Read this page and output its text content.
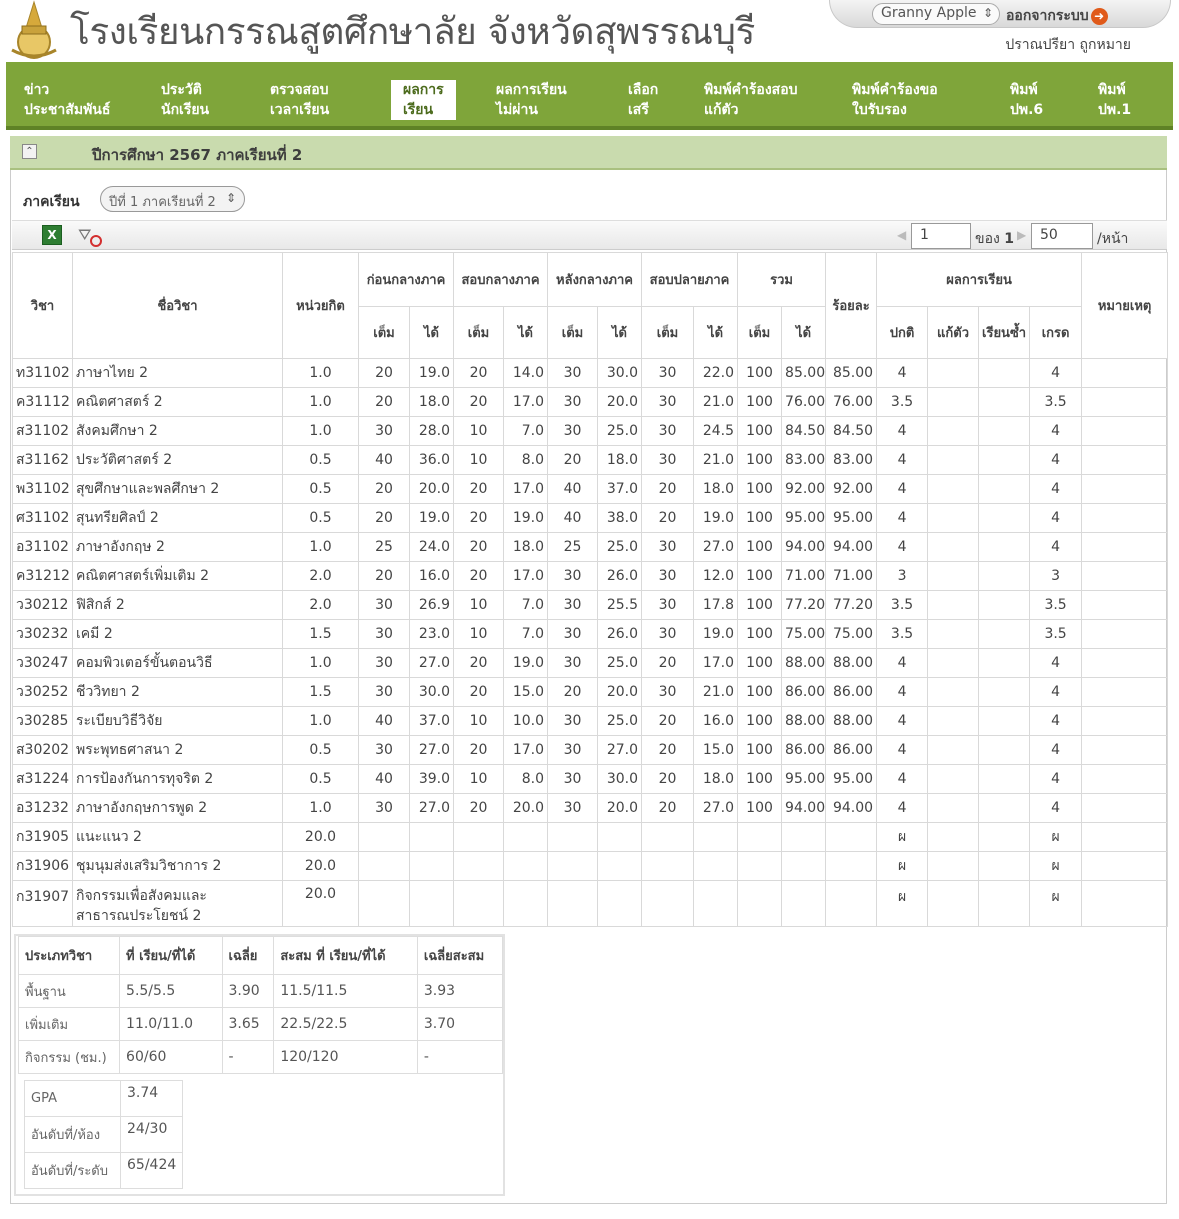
โรงเรียนกรรณสูตศึกษาลัย จังหวัดสุพรรณบุรี	Granny Apple ⇕ ออกจากระบบ ➜
ปราณปรียา ถูกหมาย
ข่าว
ประชาสัมพันธ์
ประวัติ
นักเรียน
ตรวจสอบ
เวลาเรียน
ผลการ
เรียน
ผลการเรียน
ไม่ผ่าน
เลือก
เสรี
พิมพ์คำร้องสอบ
แก้ตัว
พิมพ์คำร้องขอ
ใบรับรอง
พิมพ์
ปพ.6
พิมพ์
ปพ.1
⌃	ปีการศึกษา 2567 ภาคเรียนที่ 2
ภาคเรียน	ปีที่ 1 ภาคเรียนที่ 2 ⇕
X	⛛	◀ 1	ของ 1 ▶ 50	/หน้า
วิชา	ชื่อวิชา	หน่วยกิต	ก่อนกลางภาค		สอบกลางภาค		หลังกลางภาค		สอบปลายภาค		รวม		ร้อยละ	ผลการเรียน				หมายเหตุ
			เต็ม	ได้	เต็ม	ได้	เต็ม	ได้	เต็ม	ได้	เต็ม	ได้		ปกติ	แก้ตัว	เรียนซ้ำ	เกรด	
ท31102	ภาษาไทย 2	1.0	20	19.0	20	14.0	30	30.0	30	22.0	100	85.00	85.00	4			4	
ค31112	คณิตศาสตร์ 2	1.0	20	18.0	20	17.0	30	20.0	30	21.0	100	76.00	76.00	3.5			3.5	
ส31102	สังคมศึกษา 2	1.0	30	28.0	10	7.0	30	25.0	30	24.5	100	84.50	84.50	4			4	
ส31162	ประวัติศาสตร์ 2	0.5	40	36.0	10	8.0	20	18.0	30	21.0	100	83.00	83.00	4			4	
พ31102	สุขศึกษาและพลศึกษา 2	0.5	20	20.0	20	17.0	40	37.0	20	18.0	100	92.00	92.00	4			4	
ศ31102	สุนทรียศิลป์ 2	0.5	20	19.0	20	19.0	40	38.0	20	19.0	100	95.00	95.00	4			4	
อ31102	ภาษาอังกฤษ 2	1.0	25	24.0	20	18.0	25	25.0	30	27.0	100	94.00	94.00	4			4	
ค31212	คณิตศาสตร์เพิ่มเติม 2	2.0	20	16.0	20	17.0	30	26.0	30	12.0	100	71.00	71.00	3			3	
ว30212	ฟิสิกส์ 2	2.0	30	26.9	10	7.0	30	25.5	30	17.8	100	77.20	77.20	3.5			3.5	
ว30232	เคมี 2	1.5	30	23.0	10	7.0	30	26.0	30	19.0	100	75.00	75.00	3.5			3.5	
ว30247	คอมพิวเตอร์ขั้นตอนวิธี	1.0	30	27.0	20	19.0	30	25.0	20	17.0	100	88.00	88.00	4			4	
ว30252	ชีววิทยา 2	1.5	30	30.0	20	15.0	20	20.0	30	21.0	100	86.00	86.00	4			4	
ว30285	ระเบียบวิธีวิจัย	1.0	40	37.0	10	10.0	30	25.0	20	16.0	100	88.00	88.00	4			4	
ส30202	พระพุทธศาสนา 2	0.5	30	27.0	20	17.0	30	27.0	20	15.0	100	86.00	86.00	4			4	
ส31224	การป้องกันการทุจริต 2	0.5	40	39.0	10	8.0	30	30.0	20	18.0	100	95.00	95.00	4			4	
อ31232	ภาษาอังกฤษการพูด 2	1.0	30	27.0	20	20.0	30	20.0	20	27.0	100	94.00	94.00	4			4	
ก31905	แนะแนว 2	20.0												ผ			ผ	
ก31906	ชุมนุมส่งเสริมวิชาการ 2	20.0												ผ			ผ	
ก31907	กิจกรรมเพื่อสังคมและสาธารณประโยชน์ 2	20.0												ผ			ผ	
ประเภทวิชา	ที่ เรียน/ที่ได้	เฉลี่ย	สะสม ที่ เรียน/ที่ได้	เฉลี่ยสะสม
พื้นฐาน	5.5/5.5	3.90	11.5/11.5	3.93
เพิ่มเติม	11.0/11.0	3.65	22.5/22.5	3.70
กิจกรรม (ชม.)	60/60	-	120/120	-
GPA	3.74
อันดับที่/ห้อง	24/30
อันดับที่/ระดับ	65/424
